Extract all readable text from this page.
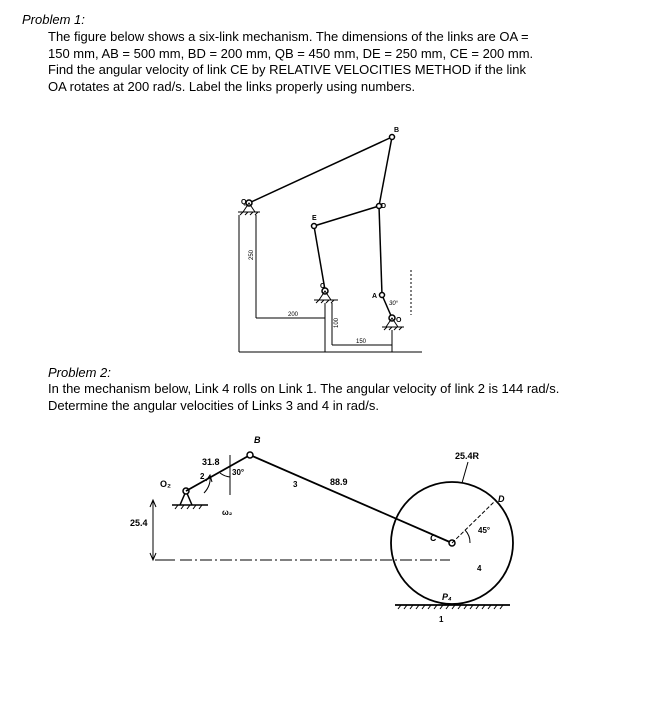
Problem 1:
The figure below shows a six-link mechanism. The dimensions of the links are OA =
150 mm, AB = 500 mm, BD = 200 mm, QB = 450 mm, DE = 250 mm, CE = 200 mm.
Find the angular velocity of link CE by RELATIVE VELOCITIES METHOD if the link
OA rotates at 200 rad/s. Label the links properly using numbers.
B
Q
E
D
C
A
O
250
200
100
150
30°
Problem 2:
In the mechanism below, Link 4 rolls on Link 1. The angular velocity of link 2 is 144 rad/s.
Determine the angular velocities of Links 3 and 4 in rad/s.
O₂
B
C
D
P₄
ω₂
2
3
4
1
31.8
88.9
25.4
25.4R
30°
45°
